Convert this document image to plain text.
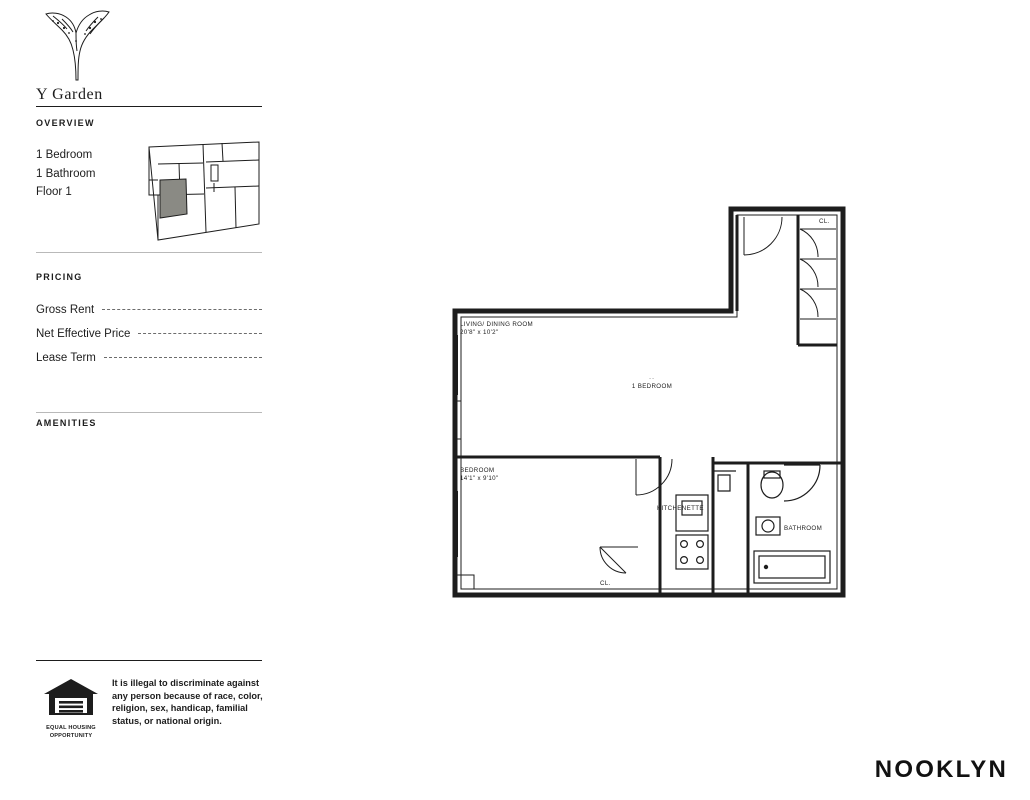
Y Garden
OVERVIEW
1 Bedroom
1 Bathroom
Floor 1
PRICING
Gross Rent
Net Effective Price
Lease Term
AMENITIES
EQUAL HOUSING
OPPORTUNITY
It is illegal to discriminate against any person because of race, color, religion, sex, handicap, familial status, or national origin.
NOOKLYN
LIVING/ DINING ROOM
20'8" x 10'2"
··
1 BEDROOM
BEDROOM
14'1" x 9'10"
KITCHENETTE
BATHROOM
CL.
CL.
